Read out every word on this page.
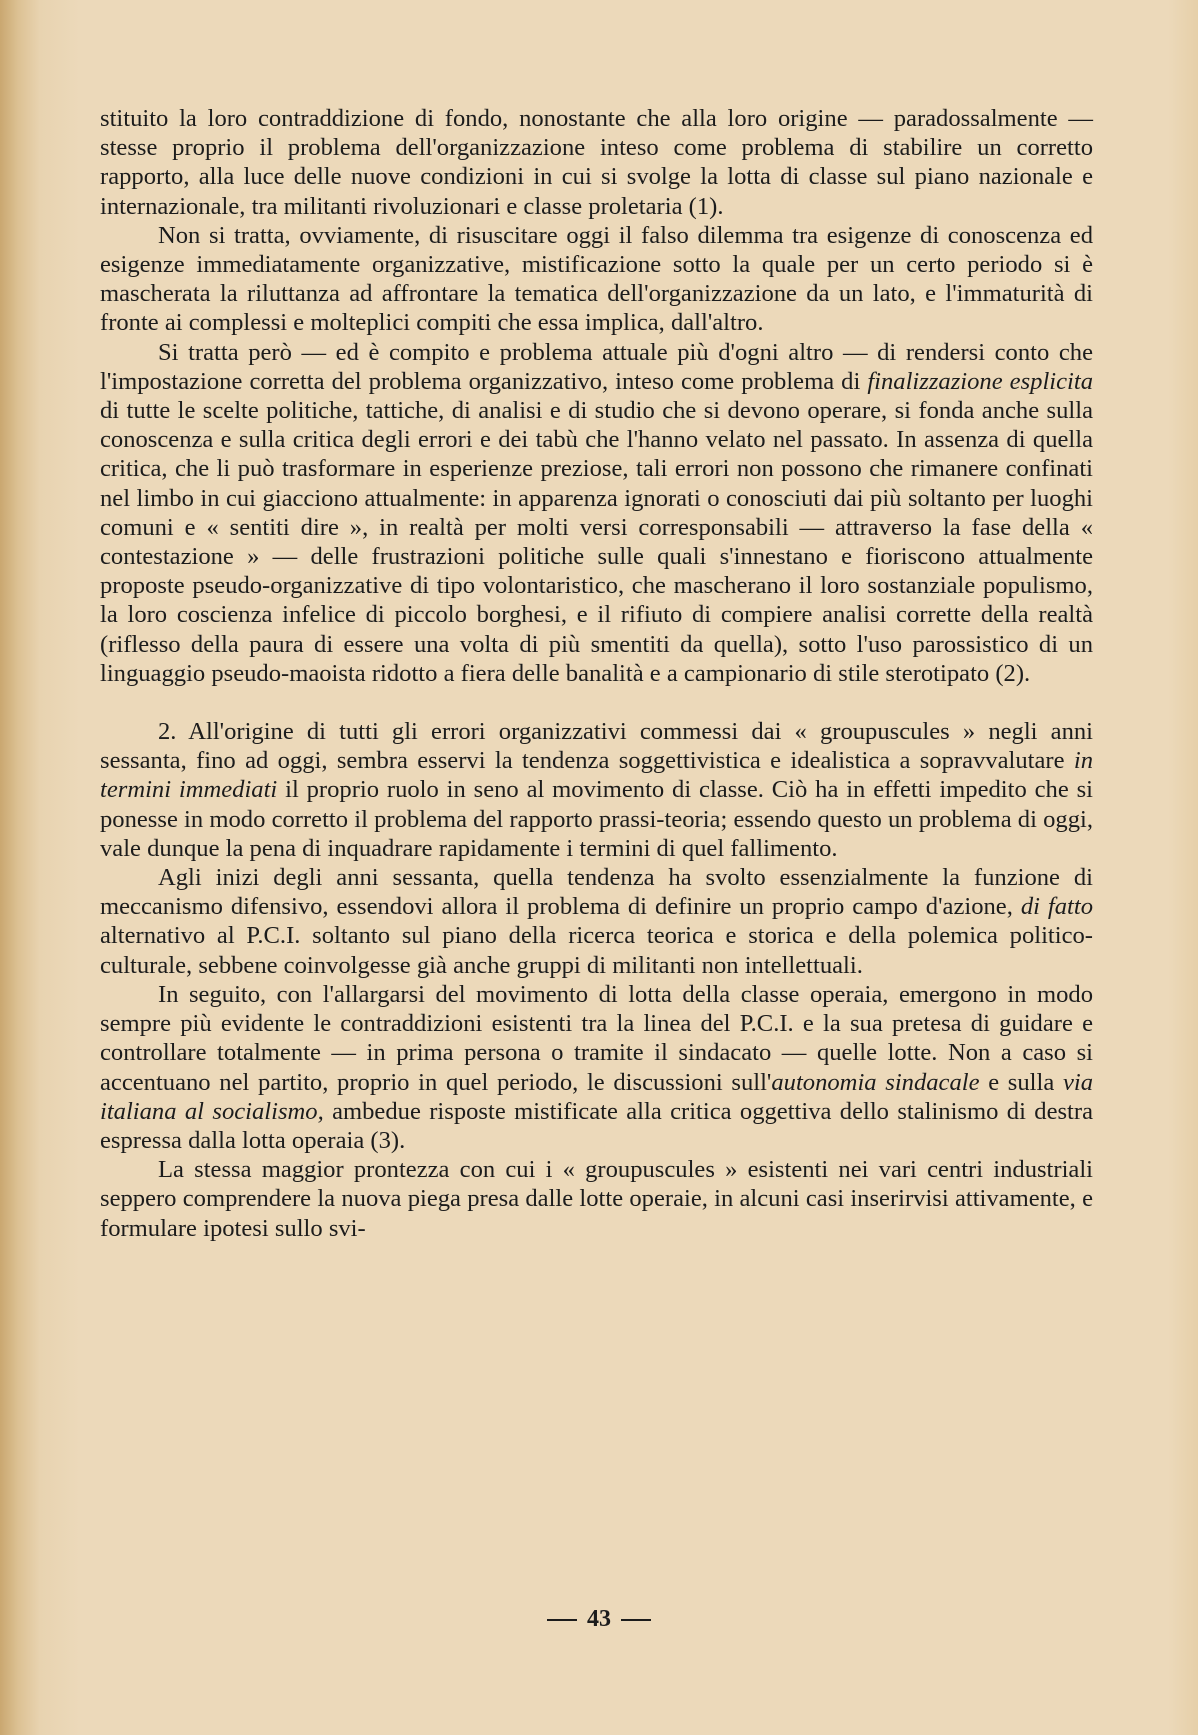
stituito la loro contraddizione di fondo, nonostante che alla loro origine — paradossalmente — stesse proprio il problema dell'organizzazione inteso come problema di stabilire un corretto rapporto, alla luce delle nuove condizioni in cui si svolge la lotta di classe sul piano nazionale e internazionale, tra militanti rivoluzionari e classe proletaria (1).

Non si tratta, ovviamente, di risuscitare oggi il falso dilemma tra esigenze di conoscenza ed esigenze immediatamente organizzative, mistificazione sotto la quale per un certo periodo si è mascherata la riluttanza ad affrontare la tematica dell'organizzazione da un lato, e l'immaturità di fronte ai complessi e molteplici compiti che essa implica, dall'altro.

Si tratta però — ed è compito e problema attuale più d'ogni altro — di rendersi conto che l'impostazione corretta del problema organizzativo, inteso come problema di finalizzazione esplicita di tutte le scelte politiche, tattiche, di analisi e di studio che si devono operare, si fonda anche sulla conoscenza e sulla critica degli errori e dei tabù che l'hanno velato nel passato. In assenza di quella critica, che li può trasformare in esperienze preziose, tali errori non possono che rimanere confinati nel limbo in cui giacciono attualmente: in apparenza ignorati o conosciuti dai più soltanto per luoghi comuni e « sentiti dire », in realtà per molti versi corresponsabili — attraverso la fase della « contestazione » — delle frustrazioni politiche sulle quali s'innestano e fioriscono attualmente proposte pseudo-organizzative di tipo volontaristico, che mascherano il loro sostanziale populismo, la loro coscienza infelice di piccolo borghesi, e il rifiuto di compiere analisi corrette della realtà (riflesso della paura di essere una volta di più smentiti da quella), sotto l'uso parossistico di un linguaggio pseudo-maoista ridotto a fiera delle banalità e a campionario di stile sterotipato (2).

2. All'origine di tutti gli errori organizzativi commessi dai « groupuscules » negli anni sessanta, fino ad oggi, sembra esservi la tendenza soggettivistica e idealistica a sopravvalutare in termini immediati il proprio ruolo in seno al movimento di classe. Ciò ha in effetti impedito che si ponesse in modo corretto il problema del rapporto prassi-teoria; essendo questo un problema di oggi, vale dunque la pena di inquadrare rapidamente i termini di quel fallimento.

Agli inizi degli anni sessanta, quella tendenza ha svolto essenzialmente la funzione di meccanismo difensivo, essendovi allora il problema di definire un proprio campo d'azione, di fatto alternativo al P.C.I. soltanto sul piano della ricerca teorica e storica e della polemica politico-culturale, sebbene coinvolgesse già anche gruppi di militanti non intellettuali.

In seguito, con l'allargarsi del movimento di lotta della classe operaia, emergono in modo sempre più evidente le contraddizioni esistenti tra la linea del P.C.I. e la sua pretesa di guidare e controllare totalmente — in prima persona o tramite il sindacato — quelle lotte. Non a caso si accentuano nel partito, proprio in quel periodo, le discussioni sull'autonomia sindacale e sulla via italiana al socialismo, ambedue risposte mistificate alla critica oggettiva dello stalinismo di destra espressa dalla lotta operaia (3).

La stessa maggior prontezza con cui i « groupuscules » esistenti nei vari centri industriali seppero comprendere la nuova piega presa dalle lotte operaie, in alcuni casi inserirvisi attivamente, e formulare ipotesi sullo svi-

43
